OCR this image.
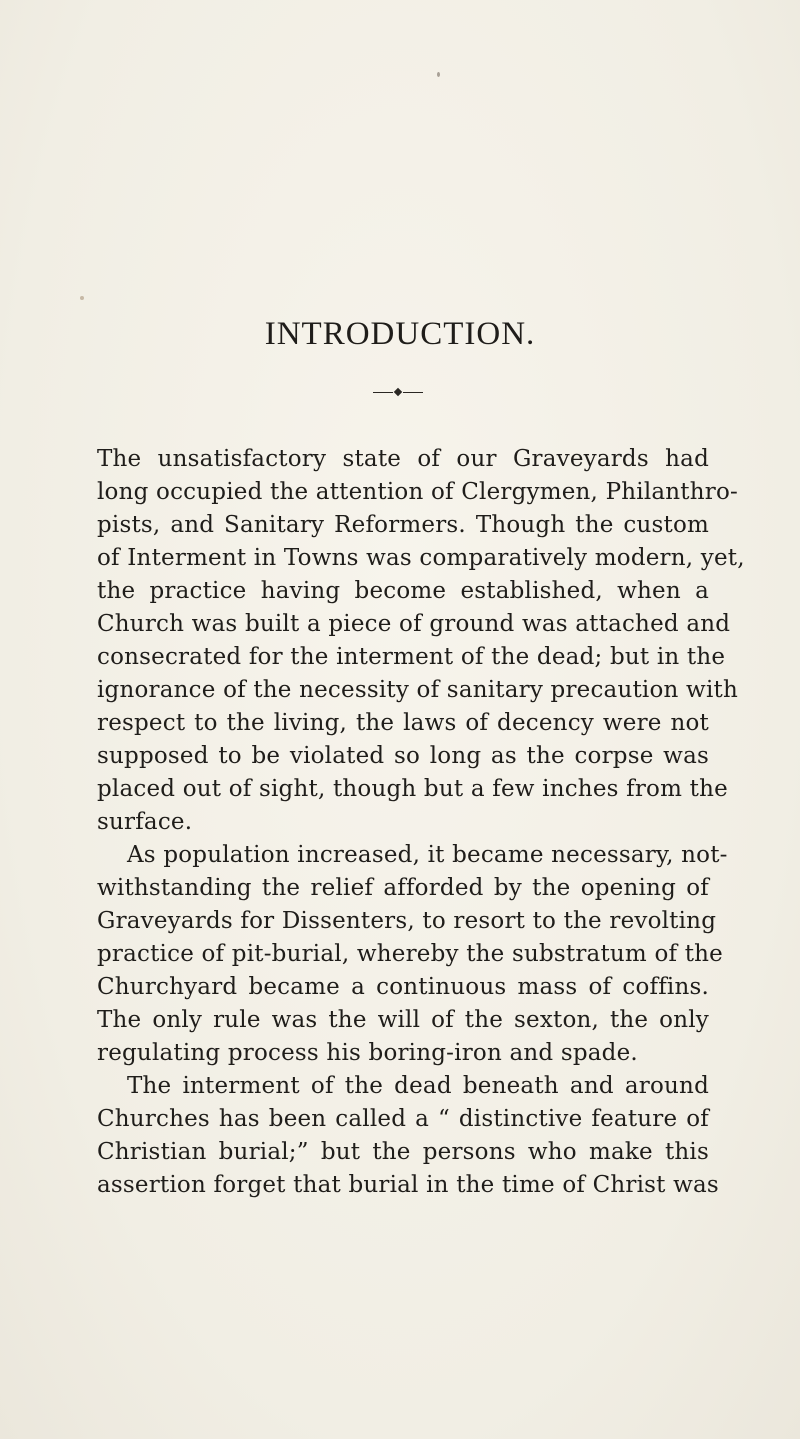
INTRODUCTION.
The unsatisfactory state of our Graveyards had
long occupied the attention of Clergymen, Philanthro-
pists, and Sanitary Reformers. Though the custom
of Interment in Towns was comparatively modern, yet,
the practice having become established, when a
Church was built a piece of ground was attached and
consecrated for the interment of the dead; but in the
ignorance of the necessity of sanitary precaution with
respect to the living, the laws of decency were not
supposed to be violated so long as the corpse was
placed out of sight, though but a few inches from the
surface.
As population increased, it became necessary, not-
withstanding the relief afforded by the opening of
Graveyards for Dissenters, to resort to the revolting
practice of pit-burial, whereby the substratum of the
Churchyard became a continuous mass of coffins.
The only rule was the will of the sexton, the only
regulating process his boring-iron and spade.
The interment of the dead beneath and around
Churches has been called a “ distinctive feature of
Christian burial;” but the persons who make this
assertion forget that burial in the time of Christ was
